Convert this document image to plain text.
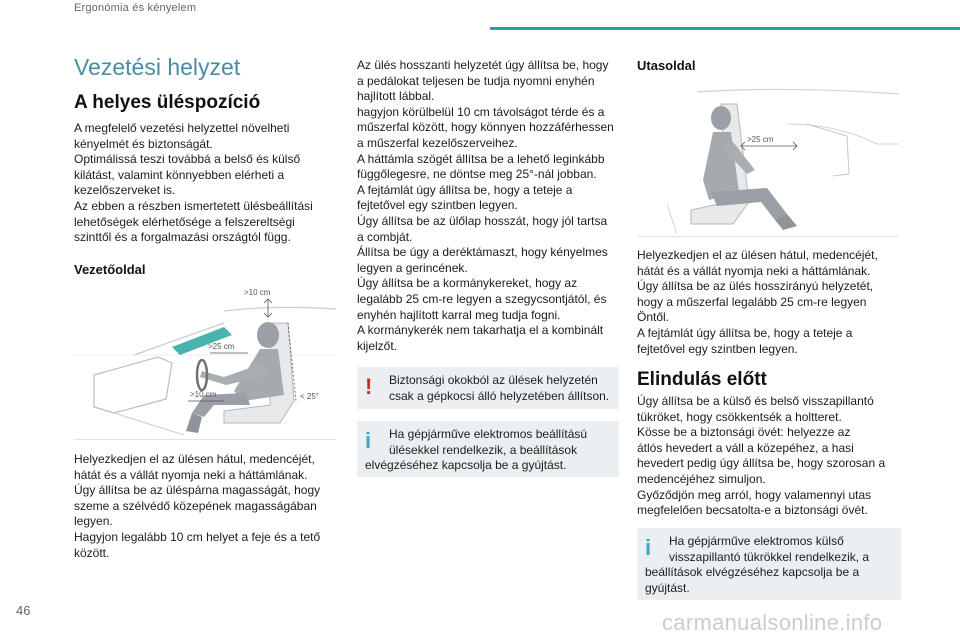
Ergonómia és kényelem
Vezetési helyzet
A helyes üléspozíció
A megfelelő vezetési helyzettel növelheti
kényelmét és biztonságát.
Optimálissá teszi továbbá a belső és külső
kilátást, valamint könnyebben elérheti a
kezelőszerveket is.
Az ebben a részben ismertetett ülésbeállítási
lehetőségek elérhetősége a felszereltségi
szinttől és a forgalmazási országtól függ.
Vezetőoldal
>10 cm
>25 cm
>10 cm	< 25°
Helyezkedjen el az ülésen hátul, medencéjét,
hátát és a vállát nyomja neki a háttámlának.
Úgy állítsa be az üléspárna magasságát, hogy
szeme a szélvédő közepének magasságában
legyen.
Hagyjon legalább 10 cm helyet a feje és a tető
között.
Az ülés hosszanti helyzetét úgy állítsa be, hogy
a pedálokat teljesen be tudja nyomni enyhén
hajlított lábbal.
hagyjon körülbelül 10 cm távolságot térde és a
műszerfal között, hogy könnyen hozzáférhessen
a műszerfal kezelőszerveihez.
A háttámla szögét állítsa be a lehető leginkább
függőlegesre, ne döntse meg 25°-nál jobban.
A fejtámlát úgy állítsa be, hogy a teteje a
fejtetővel egy szintben legyen.
Úgy állítsa be az ülőlap hosszát, hogy jól tartsa
a combját.
Állítsa be úgy a deréktámaszt, hogy kényelmes
legyen a gerincének.
Úgy állítsa be a kormánykereket, hogy az
legalább 25 cm-re legyen a szegycsontjától, és
enyhén hajlított karral meg tudja fogni.
A kormánykerék nem takarhatja el a kombinált
kijelzőt.
! Biztonsági okokból az ülések helyzetén
csak a gépkocsi álló helyzetében állítson.
i Ha gépjárműve elektromos beállítású
ülésekkel rendelkezik, a beállítások
elvégzéséhez kapcsolja be a gyújtást.
Utasoldal
>25 cm
Helyezkedjen el az ülésen hátul, medencéjét,
hátát és a vállát nyomja neki a háttámlának.
Úgy állítsa be az ülés hosszirányú helyzetét,
hogy a műszerfal legalább 25 cm-re legyen
Öntől.
A fejtámlát úgy állítsa be, hogy a teteje a
fejtetővel egy szintben legyen.
Elindulás előtt
Úgy állítsa be a külső és belső visszapillantó
tükröket, hogy csökkentsék a holtteret.
Kösse be a biztonsági övét: helyezze az
átlós hevedert a váll a közepéhez, a hasi
hevedert pedig úgy állítsa be, hogy szorosan a
medencéjéhez simuljon.
Győződjön meg arról, hogy valamennyi utas
megfelelően becsatolta-e a biztonsági övét.
i Ha gépjárműve elektromos külső
visszapillantó tükrökkel rendelkezik, a
beállítások elvégzéséhez kapcsolja be a
gyújtást.
46	carmanualsonline.info
